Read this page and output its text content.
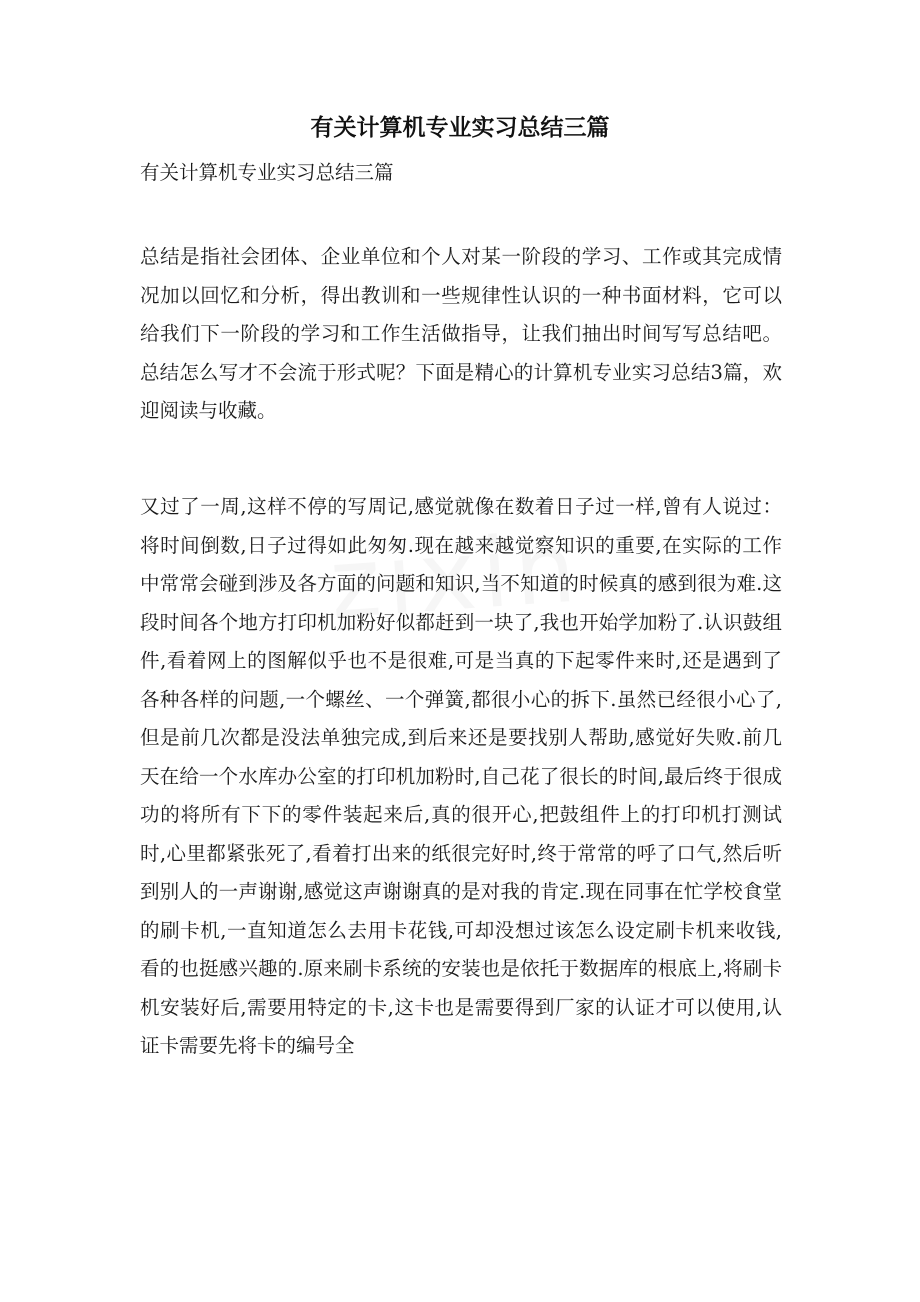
有关计算机专业实习总结三篇

有关计算机专业实习总结三篇

总结是指社会团体、企业单位和个人对某一阶段的学习、工作或其完成情况加以回忆和分析，得出教训和一些规律性认识的一种书面材料，它可以给我们下一阶段的学习和工作生活做指导，让我们抽出时间写写总结吧。总结怎么写才不会流于形式呢？下面是精心的计算机专业实习总结3篇，欢迎阅读与收藏。

又过了一周,这样不停的写周记,感觉就像在数着日子过一样,曾有人说过：将时间倒数,日子过得如此匆匆.现在越来越觉察知识的重要,在实际的工作中常常会碰到涉及各方面的问题和知识,当不知道的时候真的感到很为难.这段时间各个地方打印机加粉好似都赶到一块了,我也开始学加粉了.认识鼓组件,看着网上的图解似乎也不是很难,可是当真的下起零件来时,还是遇到了各种各样的问题,一个螺丝、一个弹簧,都很小心的拆下.虽然已经很小心了,但是前几次都是没法单独完成,到后来还是要找别人帮助,感觉好失败.前几天在给一个水库办公室的打印机加粉时,自己花了很长的时间,最后终于很成功的将所有下下的零件装起来后,真的很开心,把鼓组件上的打印机打测试时,心里都紧张死了,看着打出来的纸很完好时,终于常常的呼了口气,然后听到别人的一声谢谢,感觉这声谢谢真的是对我的肯定.现在同事在忙学校食堂的刷卡机,一直知道怎么去用卡花钱,可却没想过该怎么设定刷卡机来收钱,看的也挺感兴趣的.原来刷卡系统的安装也是依托于数据库的根底上,将刷卡机安装好后,需要用特定的卡,这卡也是需要得到厂家的认证才可以使用,认证卡需要先将卡的编号全
